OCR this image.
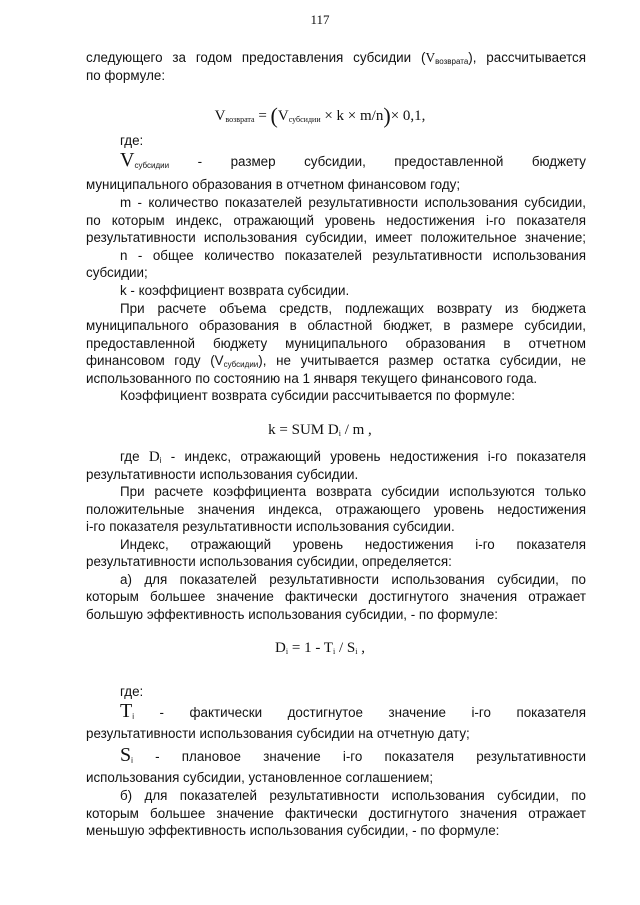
117
следующего за годом предоставления субсидии $(V_{возврата})$, рассчитывается
по формуле:
$V_{возврата} = (V_{субсидии} \times k \times m/n)\times 0,1$,
где:
$V_{субсидии}$ - размер субсидии, предоставленной бюджету
муниципального образования в отчетном финансовом году;
m - количество показателей результативности использования субсидии,
по которым индекс, отражающий уровень недостижения i-го показателя
результативности использования субсидии, имеет положительное значение;
n - общее количество показателей результативности использования
субсидии;
k - коэффициент возврата субсидии.
При расчете объема средств, подлежащих возврату из бюджета
муниципального образования в областной бюджет, в размере субсидии,
предоставленной бюджету муниципального образования в отчетном
финансовом году $(V_{субсидии})$, не учитывается размер остатка субсидии, не
использованного по состоянию на 1 января текущего финансового года.
Коэффициент возврата субсидии рассчитывается по формуле:
k = SUM $D_i$ / m ,
где $D_i$ - индекс, отражающий уровень недостижения i-го показателя
результативности использования субсидии.
При расчете коэффициента возврата субсидии используются только
положительные значения индекса, отражающего уровень недостижения
i-го показателя результативности использования субсидии.
Индекс, отражающий уровень недостижения i-го показателя
результативности использования субсидии, определяется:
а) для показателей результативности использования субсидии, по
которым большее значение фактически достигнутого значения отражает
большую эффективность использования субсидии, - по формуле:
$D_i = 1 - T_i / S_i$ ,
где:
$T_i$ - фактически достигнутое значение i-го показателя
результативности использования субсидии на отчетную дату;
$S_i$ - плановое значение i-го показателя результативности
использования субсидии, установленное соглашением;
б) для показателей результативности использования субсидии, по
которым большее значение фактически достигнутого значения отражает
меньшую эффективность использования субсидии, - по формуле:
